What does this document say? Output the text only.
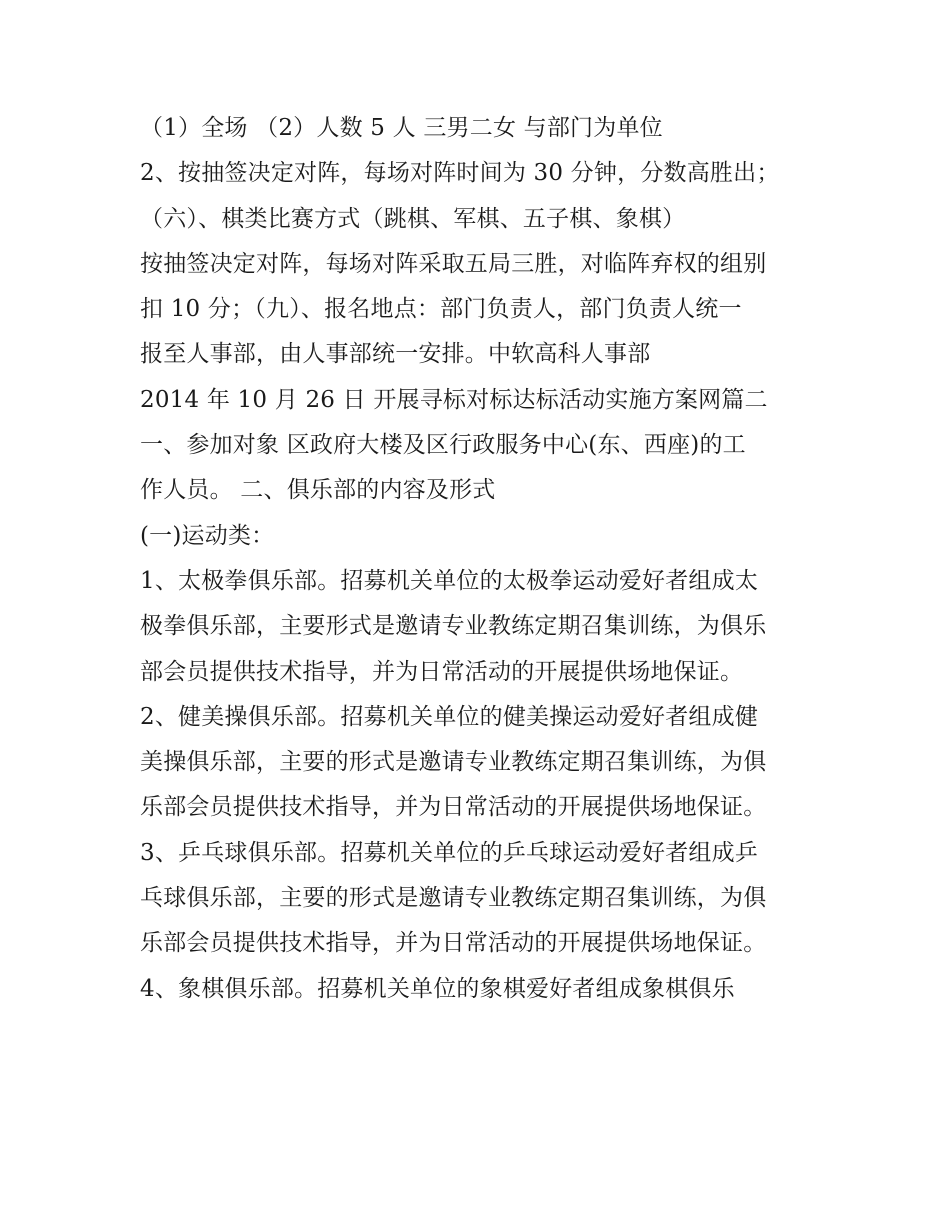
（1）全场 （2）人数 5 人 三男二女 与部门为单位
2、按抽签决定对阵，每场对阵时间为 30 分钟，分数高胜出；
（六）、棋类比赛方式（跳棋、军棋、五子棋、象棋）
按抽签决定对阵，每场对阵采取五局三胜，对临阵弃权的组别
扣 10 分；（九）、报名地点：部门负责人，部门负责人统一
报至人事部，由人事部统一安排。中软高科人事部
2014 年 10 月 26 日 开展寻标对标达标活动实施方案网篇二
一、参加对象 区政府大楼及区行政服务中心(东、西座)的工
作人员。 二、俱乐部的内容及形式
(一)运动类：
1、太极拳俱乐部。招募机关单位的太极拳运动爱好者组成太
极拳俱乐部，主要形式是邀请专业教练定期召集训练，为俱乐
部会员提供技术指导，并为日常活动的开展提供场地保证。
2、健美操俱乐部。招募机关单位的健美操运动爱好者组成健
美操俱乐部，主要的形式是邀请专业教练定期召集训练，为俱
乐部会员提供技术指导，并为日常活动的开展提供场地保证。
3、乒乓球俱乐部。招募机关单位的乒乓球运动爱好者组成乒
乓球俱乐部，主要的形式是邀请专业教练定期召集训练，为俱
乐部会员提供技术指导，并为日常活动的开展提供场地保证。
4、象棋俱乐部。招募机关单位的象棋爱好者组成象棋俱乐
